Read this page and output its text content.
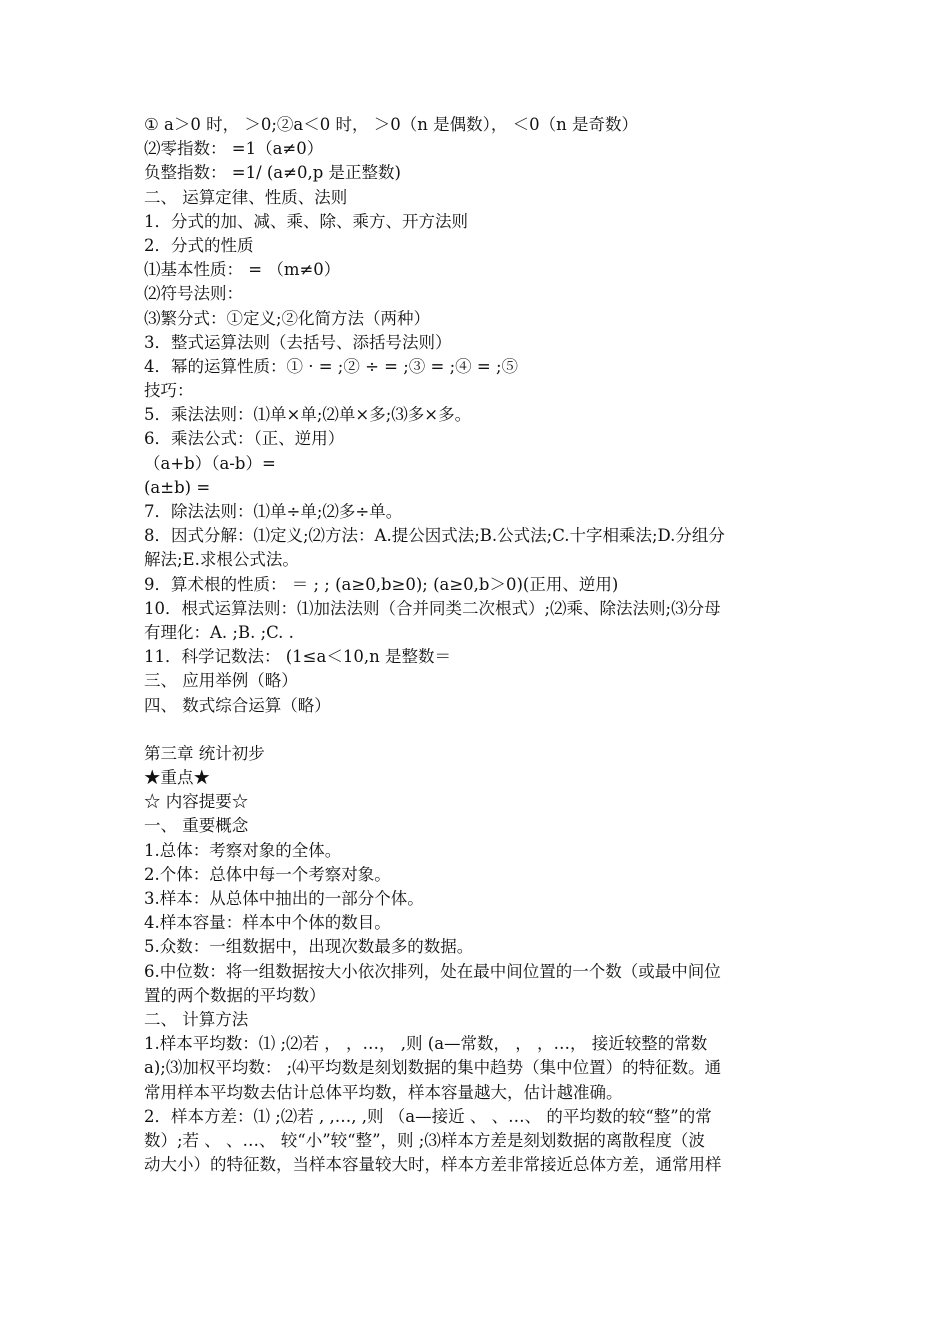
① a＞0 时， ＞0;②a＜0 时， ＞0（n 是偶数）， ＜0（n 是奇数）
⑵零指数： =1（a≠0）
负整指数： =1/ (a≠0,p 是正整数)
二、 运算定律、性质、法则
1．分式的加、减、乘、除、乘方、开方法则
2．分式的性质
⑴基本性质： = （m≠0）
⑵符号法则：
⑶繁分式：①定义;②化简方法（两种）
3．整式运算法则（去括号、添括号法则）
4．幂的运算性质：① · = ;② ÷ = ;③ = ;④ = ;⑤
技巧：
5．乘法法则：⑴单×单;⑵单×多;⑶多×多。
6．乘法公式：（正、逆用）
（a+b）（a-b）=
(a±b) =
7．除法法则：⑴单÷单;⑵多÷单。
8．因式分解：⑴定义;⑵方法：A.提公因式法;B.公式法;C.十字相乘法;D.分组分
解法;E.求根公式法。
9．算术根的性质： ＝ ; ; (a≥0,b≥0); (a≥0,b＞0)(正用、逆用)
10．根式运算法则：⑴加法法则（合并同类二次根式）;⑵乘、除法法则;⑶分母
有理化：A. ;B. ;C. .
11．科学记数法： (1≤a＜10,n 是整数＝
三、 应用举例（略）
四、 数式综合运算（略）
第三章 统计初步
★重点★
☆ 内容提要☆
一、 重要概念
1.总体：考察对象的全体。
2.个体：总体中每一个考察对象。
3.样本：从总体中抽出的一部分个体。
4.样本容量：样本中个体的数目。
5.众数：一组数据中，出现次数最多的数据。
6.中位数：将一组数据按大小依次排列，处在最中间位置的一个数（或最中间位
置的两个数据的平均数）
二、 计算方法
1.样本平均数：⑴ ;⑵若 ， ，…， ,则 (a—常数， ， ，…， 接近较整的常数
a);⑶加权平均数： ;⑷平均数是刻划数据的集中趋势（集中位置）的特征数。通
常用样本平均数去估计总体平均数，样本容量越大，估计越准确。
2．样本方差：⑴ ;⑵若 , ,…, ,则 （a—接近 、 、…、 的平均数的较“整”的常
数）;若 、 、…、 较“小”较“整”，则 ;⑶样本方差是刻划数据的离散程度（波
动大小）的特征数，当样本容量较大时，样本方差非常接近总体方差，通常用样
